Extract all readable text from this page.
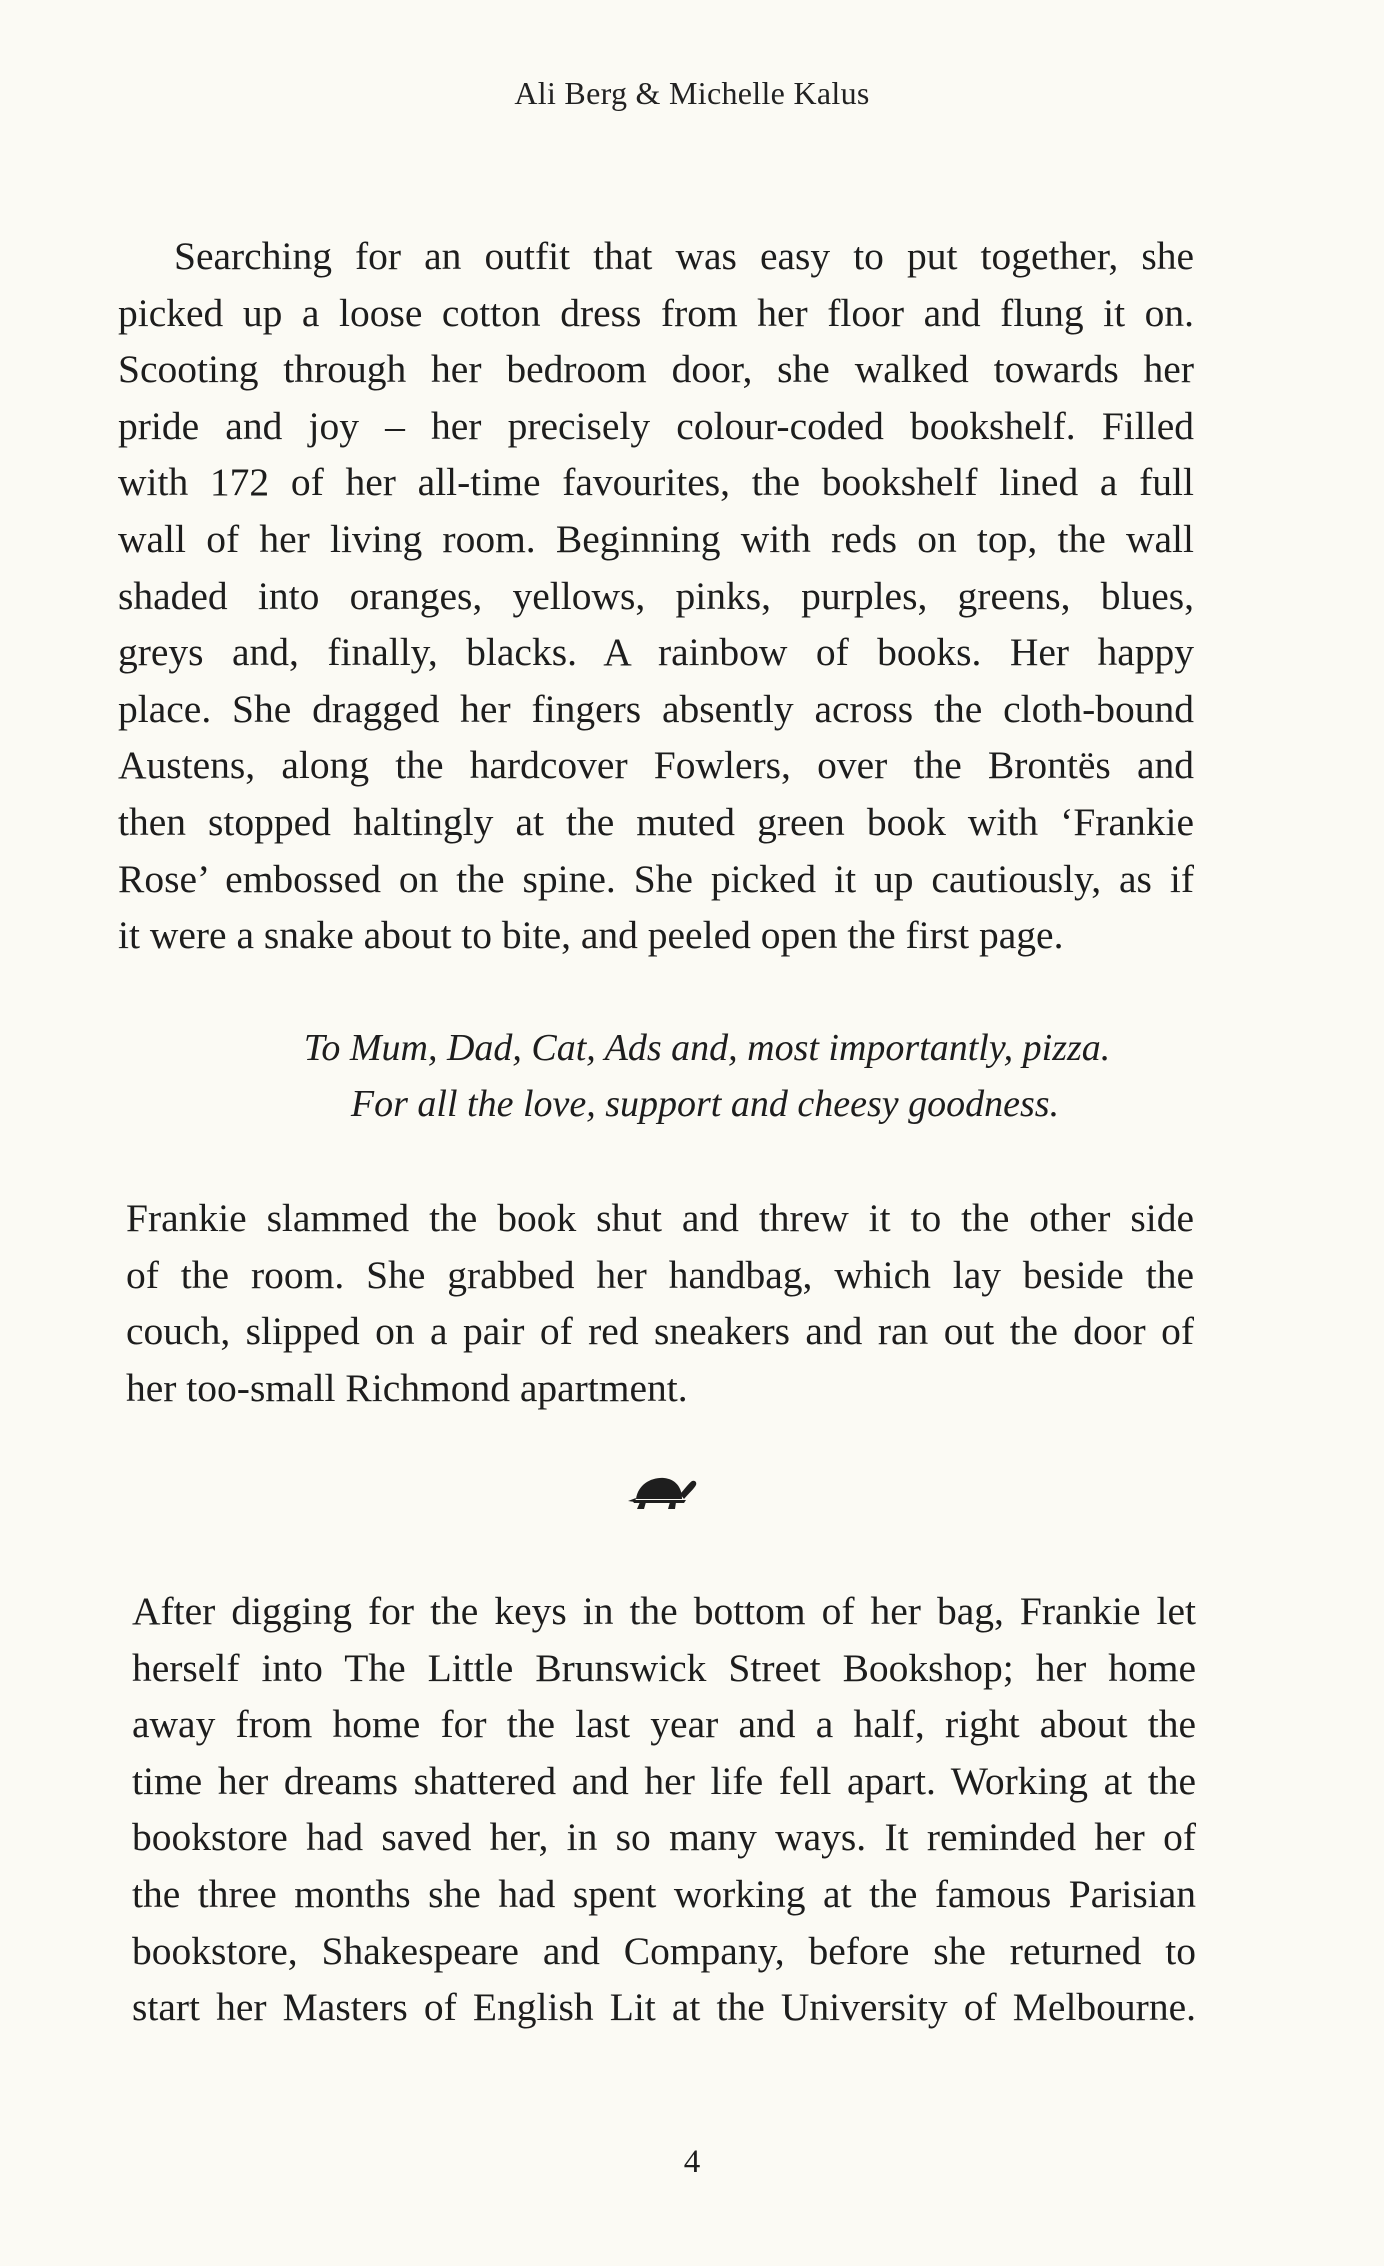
Ali Berg & Michelle Kalus
Searching for an outfit that was easy to put together, she
picked up a loose cotton dress from her floor and flung it on.
Scooting through her bedroom door, she walked towards her
pride and joy – her precisely colour-coded bookshelf. Filled
with 172 of her all-time favourites, the bookshelf lined a full
wall of her living room. Beginning with reds on top, the wall
shaded into oranges, yellows, pinks, purples, greens, blues,
greys and, finally, blacks. A rainbow of books. Her happy
place. She dragged her fingers absently across the cloth-bound
Austens, along the hardcover Fowlers, over the Brontës and
then stopped haltingly at the muted green book with ‘Frankie
Rose’ embossed on the spine. She picked it up cautiously, as if
it were a snake about to bite, and peeled open the first page.
To Mum, Dad, Cat, Ads and, most importantly, pizza.
For all the love, support and cheesy goodness.
Frankie slammed the book shut and threw it to the other side
of the room. She grabbed her handbag, which lay beside the
couch, slipped on a pair of red sneakers and ran out the door of
her too-small Richmond apartment.
After digging for the keys in the bottom of her bag, Frankie let
herself into The Little Brunswick Street Bookshop; her home
away from home for the last year and a half, right about the
time her dreams shattered and her life fell apart. Working at the
bookstore had saved her, in so many ways. It reminded her of
the three months she had spent working at the famous Parisian
bookstore, Shakespeare and Company, before she returned to
start her Masters of English Lit at the University of Melbourne.
4
